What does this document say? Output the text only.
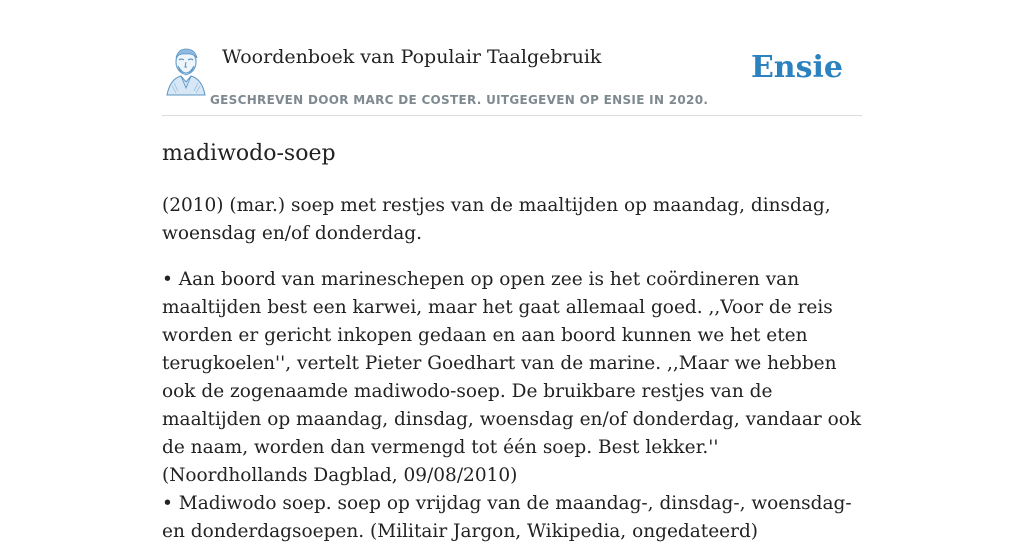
Woordenboek van Populair Taalgebruik
GESCHREVEN DOOR MARC DE COSTER. UITGEGEVEN OP ENSIE IN 2020.
Ensie
madiwodo-soep

(2010) (mar.) soep met restjes van de maaltijden op maandag, dinsdag, woensdag en/of donderdag.

• Aan boord van marineschepen op open zee is het coördineren van maaltijden best een karwei, maar het gaat allemaal goed. ,,Voor de reis worden er gericht inkopen gedaan en aan boord kunnen we het eten terugkoelen'', vertelt Pieter Goedhart van de marine. ,,Maar we hebben ook de zogenaamde madiwodo-soep. De bruikbare restjes van de maaltijden op maandag, dinsdag, woensdag en/of donderdag, vandaar ook de naam, worden dan vermengd tot één soep. Best lekker.'' (Noordhollands Dagblad, 09/08/2010)
• Madiwodo soep. soep op vrijdag van de maandag-, dinsdag-, woensdag- en donderdagsoepen. (Militair Jargon, Wikipedia, ongedateerd)
